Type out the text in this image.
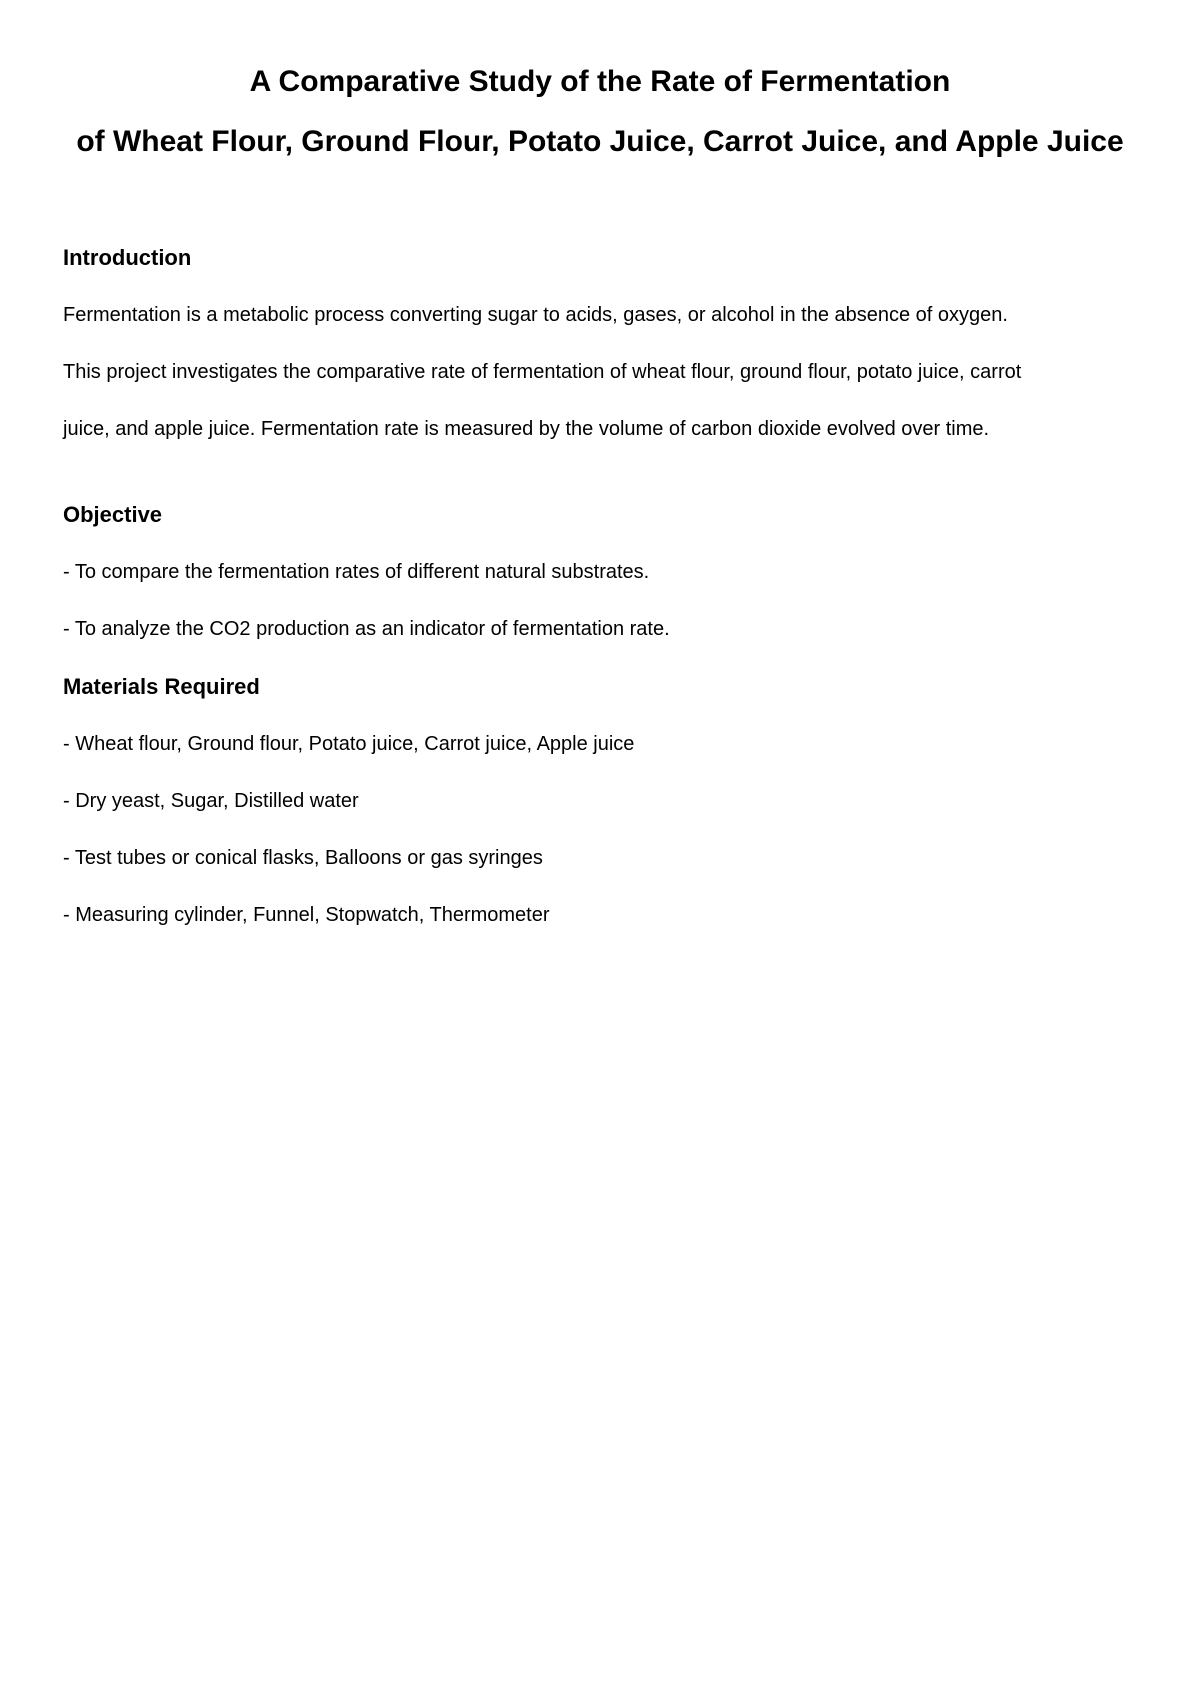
A Comparative Study of the Rate of Fermentation
of Wheat Flour, Ground Flour, Potato Juice, Carrot Juice, and Apple Juice
Introduction

Fermentation is a metabolic process converting sugar to acids, gases, or alcohol in the absence of oxygen.

This project investigates the comparative rate of fermentation of wheat flour, ground flour, potato juice, carrot

juice, and apple juice. Fermentation rate is measured by the volume of carbon dioxide evolved over time.

Objective

- To compare the fermentation rates of different natural substrates.

- To analyze the CO2 production as an indicator of fermentation rate.

Materials Required

- Wheat flour, Ground flour, Potato juice, Carrot juice, Apple juice

- Dry yeast, Sugar, Distilled water

- Test tubes or conical flasks, Balloons or gas syringes

- Measuring cylinder, Funnel, Stopwatch, Thermometer
